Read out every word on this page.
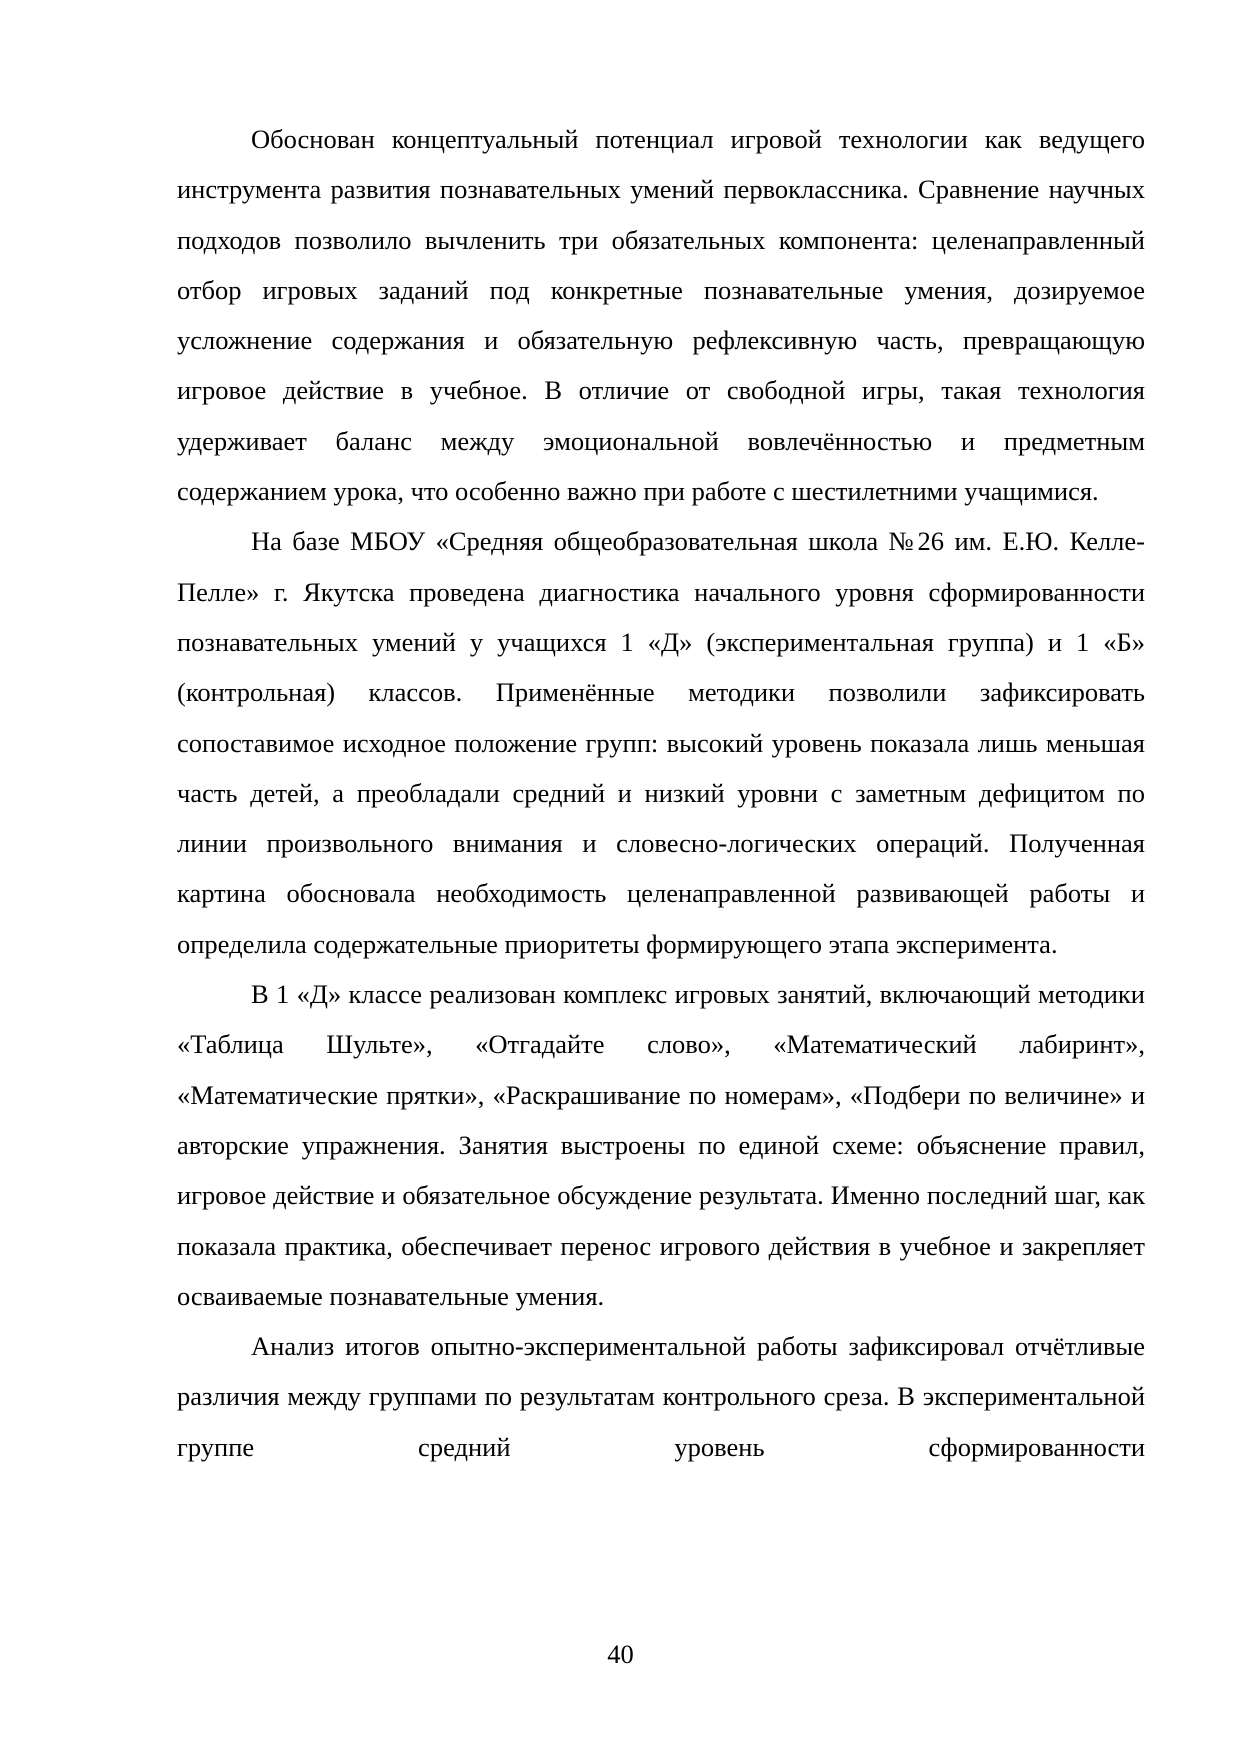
Обоснован концептуальный потенциал игровой технологии как ведущего инструмента развития познавательных умений первоклассника. Сравнение научных подходов позволило вычленить три обязательных компонента: целенаправленный отбор игровых заданий под конкретные познавательные умения, дозируемое усложнение содержания и обязательную рефлексивную часть, превращающую игровое действие в учебное. В отличие от свободной игры, такая технология удерживает баланс между эмоциональной вовлечённостью и предметным содержанием урока, что особенно важно при работе с шестилетними учащимися.

На базе МБОУ «Средняя общеобразовательная школа №26 им. Е.Ю. Келле-Пелле» г. Якутска проведена диагностика начального уровня сформированности познавательных умений у учащихся 1 «Д» (экспериментальная группа) и 1 «Б» (контрольная) классов. Применённые методики позволили зафиксировать сопоставимое исходное положение групп: высокий уровень показала лишь меньшая часть детей, а преобладали средний и низкий уровни с заметным дефицитом по линии произвольного внимания и словесно-логических операций. Полученная картина обосновала необходимость целенаправленной развивающей работы и определила содержательные приоритеты формирующего этапа эксперимента.

В 1 «Д» классе реализован комплекс игровых занятий, включающий методики «Таблица Шульте», «Отгадайте слово», «Математический лабиринт», «Математические прятки», «Раскрашивание по номерам», «Подбери по величине» и авторские упражнения. Занятия выстроены по единой схеме: объяснение правил, игровое действие и обязательное обсуждение результата. Именно последний шаг, как показала практика, обеспечивает перенос игрового действия в учебное и закрепляет осваиваемые познавательные умения.

Анализ итогов опытно-экспериментальной работы зафиксировал отчётливые различия между группами по результатам контрольного среза. В экспериментальной группе средний уровень сформированности

40
